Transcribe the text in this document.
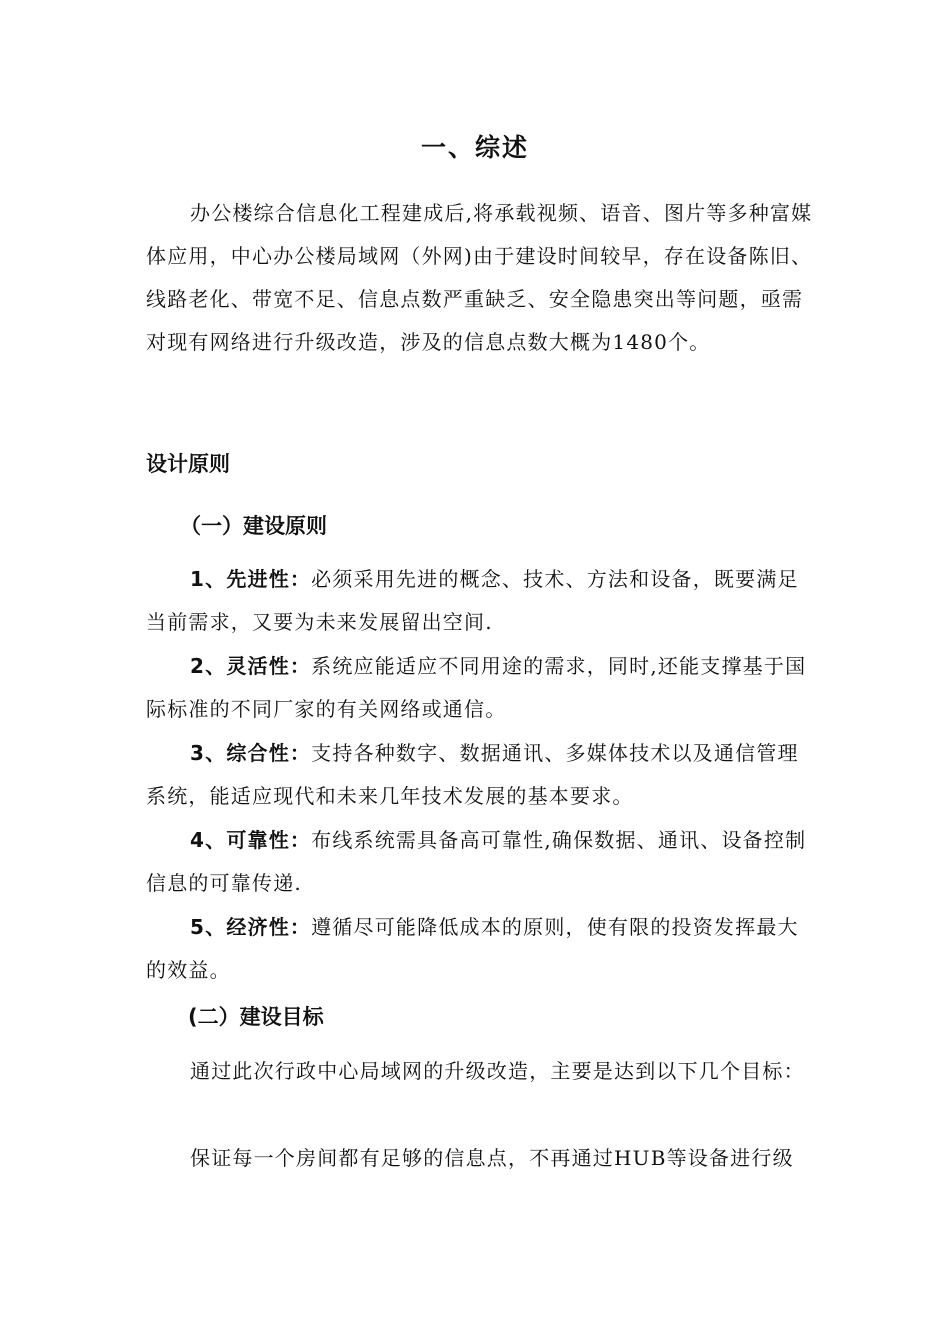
一、综述
办公楼综合信息化工程建成后,将承载视频、语音、图片等多种富媒体应用，中心办公楼局域网（外网)由于建设时间较早，存在设备陈旧、线路老化、带宽不足、信息点数严重缺乏、安全隐患突出等问题，亟需对现有网络进行升级改造，涉及的信息点数大概为1480个。
设计原则
（一）建设原则
1、先进性：必须采用先进的概念、技术、方法和设备，既要满足当前需求，又要为未来发展留出空间.
2、灵活性：系统应能适应不同用途的需求，同时,还能支撑基于国际标准的不同厂家的有关网络或通信。
3、综合性：支持各种数字、数据通讯、多媒体技术以及通信管理系统，能适应现代和未来几年技术发展的基本要求。
4、可靠性：布线系统需具备高可靠性,确保数据、通讯、设备控制信息的可靠传递.
5、经济性：遵循尽可能降低成本的原则，使有限的投资发挥最大的效益。
(二）建设目标
通过此次行政中心局域网的升级改造，主要是达到以下几个目标：
保证每一个房间都有足够的信息点，不再通过HUB等设备进行级
